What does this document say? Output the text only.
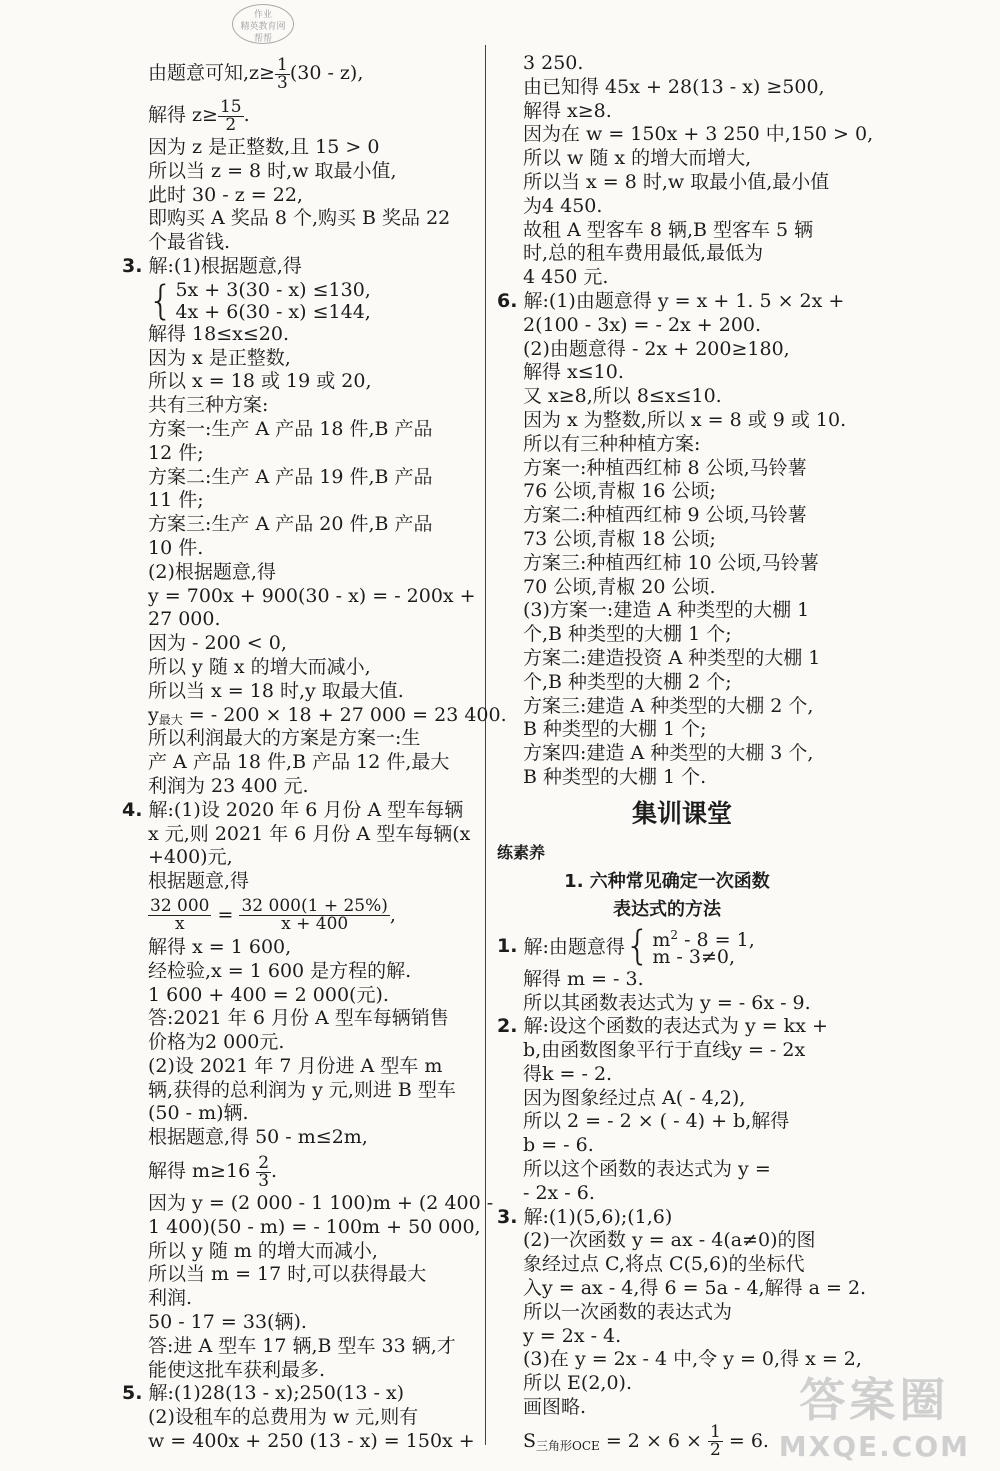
作业
精英教育网
帮帮
由题意可知$,z\ge \frac{1}{3} (30 - z)$,
解得 $z\ge \frac{15}{2}$ .
因为 z 是正整数,且 15 > 0
所以当 z = 8 时,w 取最小值,
此时 30 - z = 22,
即购买 A 奖品 8 个,购买 B 奖品 22
个最省钱.
3. 解:(1)根据题意,得
{ 5x + 3(30 - x) ≤130,
4x + 6(30 - x) ≤144,
解得 18≤x≤20.
因为 x 是正整数,
所以 x = 18 或 19 或 20,
共有三种方案:
方案一:生产 A 产品 18 件,B 产品
12 件;
方案二:生产 A 产品 19 件,B 产品
11 件;
方案三:生产 A 产品 20 件,B 产品
10 件.
(2)根据题意,得
y = 700x + 900(30 - x) = - 200x +
27 000.
因为 - 200 < 0,
所以 y 随 x 的增大而减小,
所以当 x = 18 时,y 取最大值.
$y_{最大}$ = - 200 × 18 + 27 000 = 23 400.
所以利润最大的方案是方案一:生
产 A 产品 18 件,B 产品 12 件,最大
利润为 23 400 元.
4. 解:(1)设 2020 年 6 月份 A 型车每辆
x 元,则 2021 年 6 月份 A 型车每辆(x
+400)元,
根据题意,得
$\frac{32 000}{x} = \frac{32 000(1 + 25\%)}{x + 400}$ ,
解得 x = 1 600,
经检验,x = 1 600 是方程的解.
1 600 + 400 = 2 000(元).
答:2021 年 6 月份 A 型车每辆销售
价格为2 000元.
(2)设 2021 年 7 月份进 A 型车 m
辆,获得的总利润为 y 元,则进 B 型车
(50 - m)辆.
根据题意,得 50 - m≤2m,
解得 $m\ge 16 \frac{2}{3}$ .
因为 y = (2 000 - 1 100)m + (2 400 -
1 400)(50 - m) = - 100m + 50 000,
所以 y 随 m 的增大而减小,
所以当 m = 17 时,可以获得最大
利润.
50 - 17 = 33(辆).
答:进 A 型车 17 辆,B 型车 33 辆,才
能使这批车获利最多.
5. 解:(1)28(13 - x);250(13 - x)
(2)设租车的总费用为 w 元,则有
w = 400x + 250 (13 - x) = 150x +
3 250.
由已知得 45x + 28(13 - x) ≥500,
解得 x≥8.
因为在 w = 150x + 3 250 中,150 > 0,
所以 w 随 x 的增大而增大,
所以当 x = 8 时,w 取最小值,最小值
为4 450.
故租 A 型客车 8 辆,B 型客车 5 辆
时,总的租车费用最低,最低为
4 450 元.
6. 解:(1)由题意得 y = x + 1. 5 × 2x +
2(100 - 3x) = - 2x + 200.
(2)由题意得 - 2x + 200≥180,
解得 x≤10.
又 x≥8,所以 8≤x≤10.
因为 x 为整数,所以 x = 8 或 9 或 10.
所以有三种种植方案:
方案一:种植西红柿 8 公顷,马铃薯
76 公顷,青椒 16 公顷;
方案二:种植西红柿 9 公顷,马铃薯
73 公顷,青椒 18 公顷;
方案三:种植西红柿 10 公顷,马铃薯
70 公顷,青椒 20 公顷.
(3)方案一:建造 A 种类型的大棚 1
个,B 种类型的大棚 1 个;
方案二:建造投资 A 种类型的大棚 1
个,B 种类型的大棚 2 个;
方案三:建造 A 种类型的大棚 2 个,
B 种类型的大棚 1 个;
方案四:建造 A 种类型的大棚 3 个,
B 种类型的大棚 1 个.
集训课堂
练素养
1. 六种常见确定一次函数
表达式的方法
1.
解:由题意得 { $m^2 - 8 = 1$,
m - 3≠0,
解得 m = - 3.
所以其函数表达式为 y = - 6x - 9.
2. 解:设这个函数的表达式为 y = kx +
b,由函数图象平行于直线y = - 2x
得k = - 2.
因为图象经过点 A( - 4,2),
所以 2 = - 2 × ( - 4) + b,解得
b = - 6.
所以这个函数的表达式为 y =
- 2x - 6.
3. 解:(1)(5,6);(1,6)
(2)一次函数 y = ax - 4(a≠0)的图
象经过点 C,将点 C(5,6)的坐标代
入y = ax - 4,得 6 = 5a - 4,解得 a = 2.
所以一次函数的表达式为
y = 2x - 4.
(3)在 y = 2x - 4 中,令 y = 0,得 x = 2,
所以 E(2,0).
画图略.
$S_{三角形OCE} = 2 \times 6 \times \frac{1}{2} = 6$.
答案圈
MXQE.COM
